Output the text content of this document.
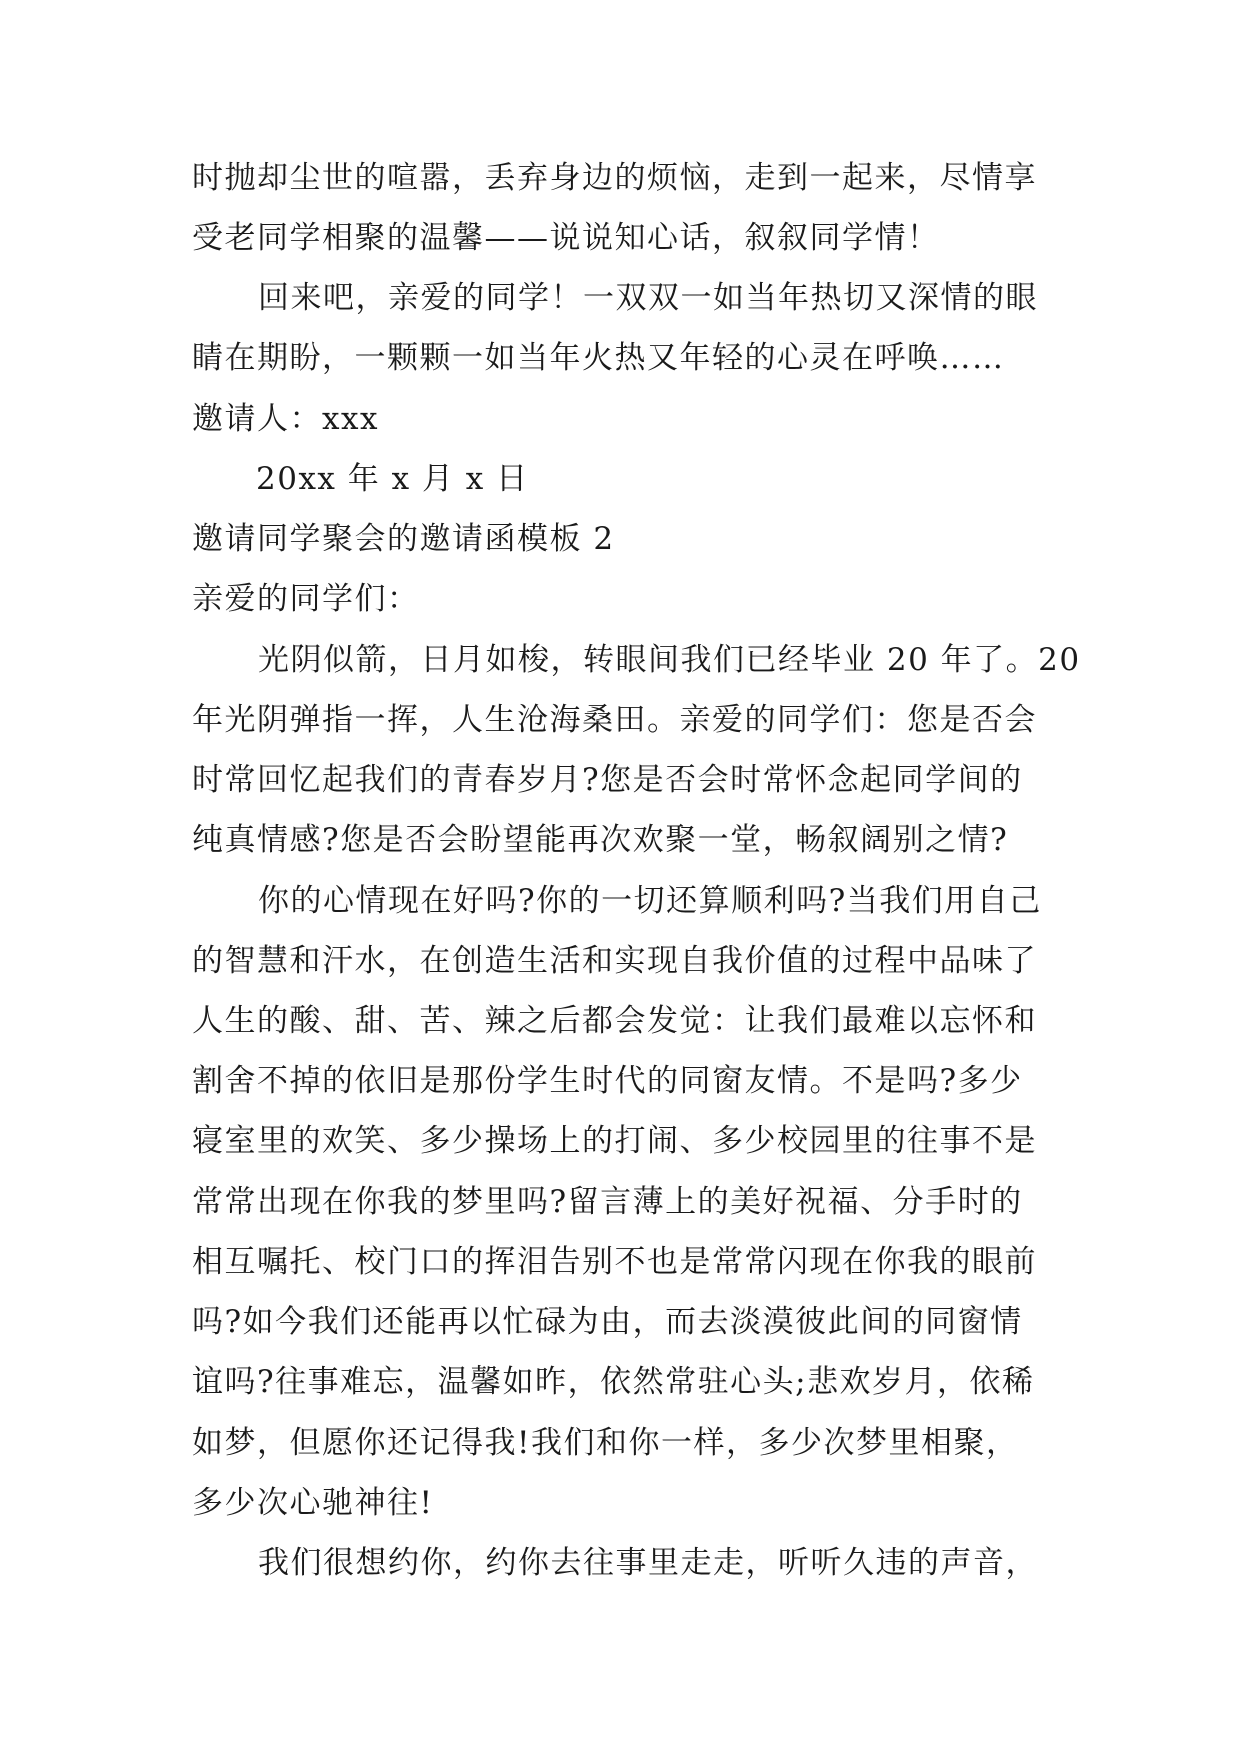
时抛却尘世的喧嚣，丢弃身边的烦恼，走到一起来，尽情享
受老同学相聚的温馨——说说知心话，叙叙同学情！
回来吧，亲爱的同学！一双双一如当年热切又深情的眼
睛在期盼，一颗颗一如当年火热又年轻的心灵在呼唤……
邀请人：xxx
20xx 年 x 月 x 日
邀请同学聚会的邀请函模板 2
亲爱的同学们：
光阴似箭，日月如梭，转眼间我们已经毕业 20 年了。20
年光阴弹指一挥，人生沧海桑田。亲爱的同学们：您是否会
时常回忆起我们的青春岁月?您是否会时常怀念起同学间的
纯真情感?您是否会盼望能再次欢聚一堂，畅叙阔别之情?
你的心情现在好吗?你的一切还算顺利吗?当我们用自己
的智慧和汗水，在创造生活和实现自我价值的过程中品味了
人生的酸、甜、苦、辣之后都会发觉：让我们最难以忘怀和
割舍不掉的依旧是那份学生时代的同窗友情。不是吗?多少
寝室里的欢笑、多少操场上的打闹、多少校园里的往事不是
常常出现在你我的梦里吗?留言薄上的美好祝福、分手时的
相互嘱托、校门口的挥泪告别不也是常常闪现在你我的眼前
吗?如今我们还能再以忙碌为由，而去淡漠彼此间的同窗情
谊吗?往事难忘，温馨如昨，依然常驻心头;悲欢岁月，依稀
如梦，但愿你还记得我!我们和你一样，多少次梦里相聚，
多少次心驰神往!
我们很想约你，约你去往事里走走，听听久违的声音，
